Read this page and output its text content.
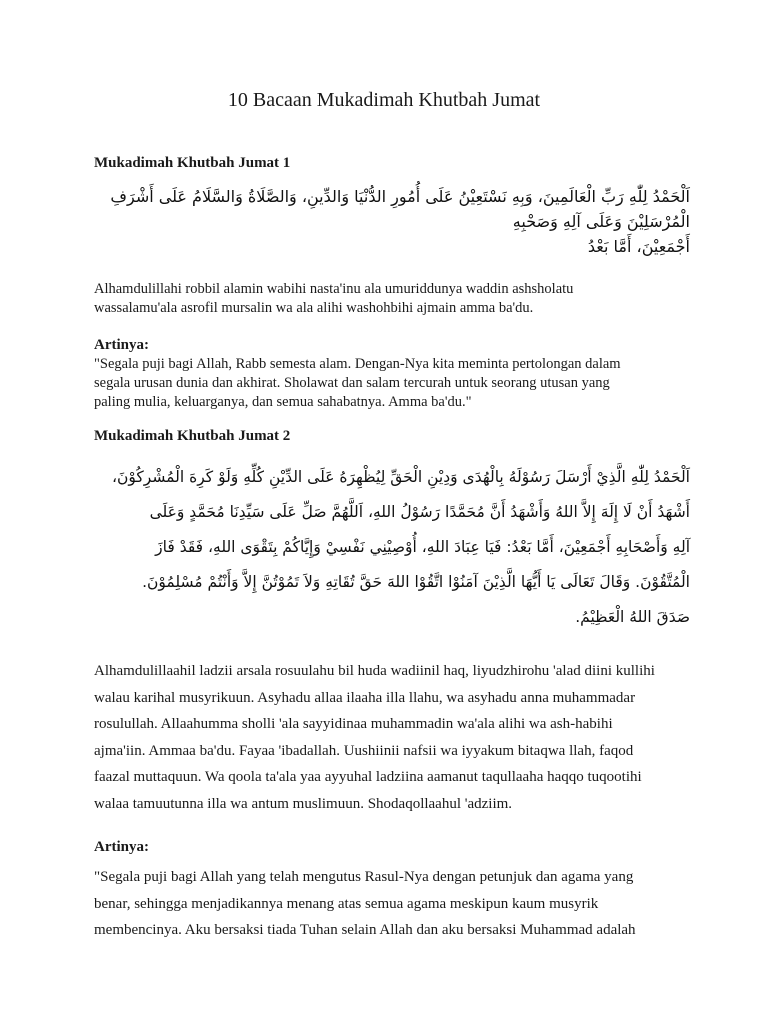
10 Bacaan Mukadimah Khutbah Jumat
Mukadimah Khutbah Jumat 1
اَلْحَمْدُ لِلّٰهِ رَبِّ الْعَالَمِينَ، وَبِهِ نَسْتَعِيْنُ عَلَى أُمُورِ الدُّنْيَا وَالدِّينِ، وَالصَّلَاةُ وَالسَّلَامُ عَلَى أَشْرَفِ
الْمُرْسَلِيْنَ وَعَلَى آلِهِ وَصَحْبِهِ
أَجْمَعِيْنَ، أَمَّا بَعْدُ
Alhamdulillahi robbil alamin wabihi nasta'inu ala umuriddunya waddin ashsholatu
wassalamu'ala asrofil mursalin wa ala alihi washohbihi ajmain amma ba'du.
Artinya:
"Segala puji bagi Allah, Rabb semesta alam. Dengan-Nya kita meminta pertolongan dalam
segala urusan dunia dan akhirat. Sholawat dan salam tercurah untuk seorang utusan yang
paling mulia, keluarganya, dan semua sahabatnya. Amma ba'du."
Mukadimah Khutbah Jumat 2
اَلْحَمْدُ لِلّٰهِ الَّذِيْ أَرْسَلَ رَسُوْلَهُ بِالْهُدَى وَدِيْنِ الْحَقِّ لِيُظْهِرَهُ عَلَى الدِّيْنِ كُلِّهِ وَلَوْ كَرِهَ الْمُشْرِكُوْنَ،
أَشْهَدُ أَنْ لَا إِلَهَ إِلاَّ اللهُ وَأَشْهَدُ أَنَّ مُحَمَّدًا رَسُوْلُ اللهِ، اَللَّهُمَّ صَلِّ عَلَى سَيِّدِنَا مُحَمَّدٍ وَعَلَى
آلِهِ وَأَصْحَابِهِ أَجْمَعِيْنَ، أَمَّا بَعْدُ: فَيَا عِبَادَ اللهِ، أُوْصِيْنِي نَفْسِيْ وَإِيَّاكُمْ بِتَقْوَى اللهِ، فَقَدْ فَازَ
الْمُتَّقُوْنَ. وَقَالَ تَعَالَى يَا أَيُّهَا الَّذِيْنَ آمَنُوْا اتَّقُوْا اللهَ حَقَّ تُقَاتِهِ وَلاَ تَمُوْتُنَّ إِلاَّ وَأَنْتُمْ مُسْلِمُوْنَ.
صَدَقَ اللهُ الْعَظِيْمُ.
Alhamdulillaahil ladzii arsala rosuulahu bil huda wadiinil haq, liyudzhirohu 'alad diini kullihi
walau karihal musyrikuun. Asyhadu allaa ilaaha illa llahu, wa asyhadu anna muhammadar
rosulullah. Allaahumma sholli 'ala sayyidinaa muhammadin wa'ala alihi wa ash-habihi
ajma'iin. Ammaa ba'du. Fayaa 'ibadallah. Uushiinii nafsii wa iyyakum bitaqwa llah, faqod
faazal muttaquun. Wa qoola ta'ala yaa ayyuhal ladziina aamanut taqullaaha haqqo tuqootihi
walaa tamuutunna illa wa antum muslimuun. Shodaqollaahul 'adziim.
Artinya:
"Segala puji bagi Allah yang telah mengutus Rasul-Nya dengan petunjuk dan agama yang
benar, sehingga menjadikannya menang atas semua agama meskipun kaum musyrik
membencinya. Aku bersaksi tiada Tuhan selain Allah dan aku bersaksi Muhammad adalah
